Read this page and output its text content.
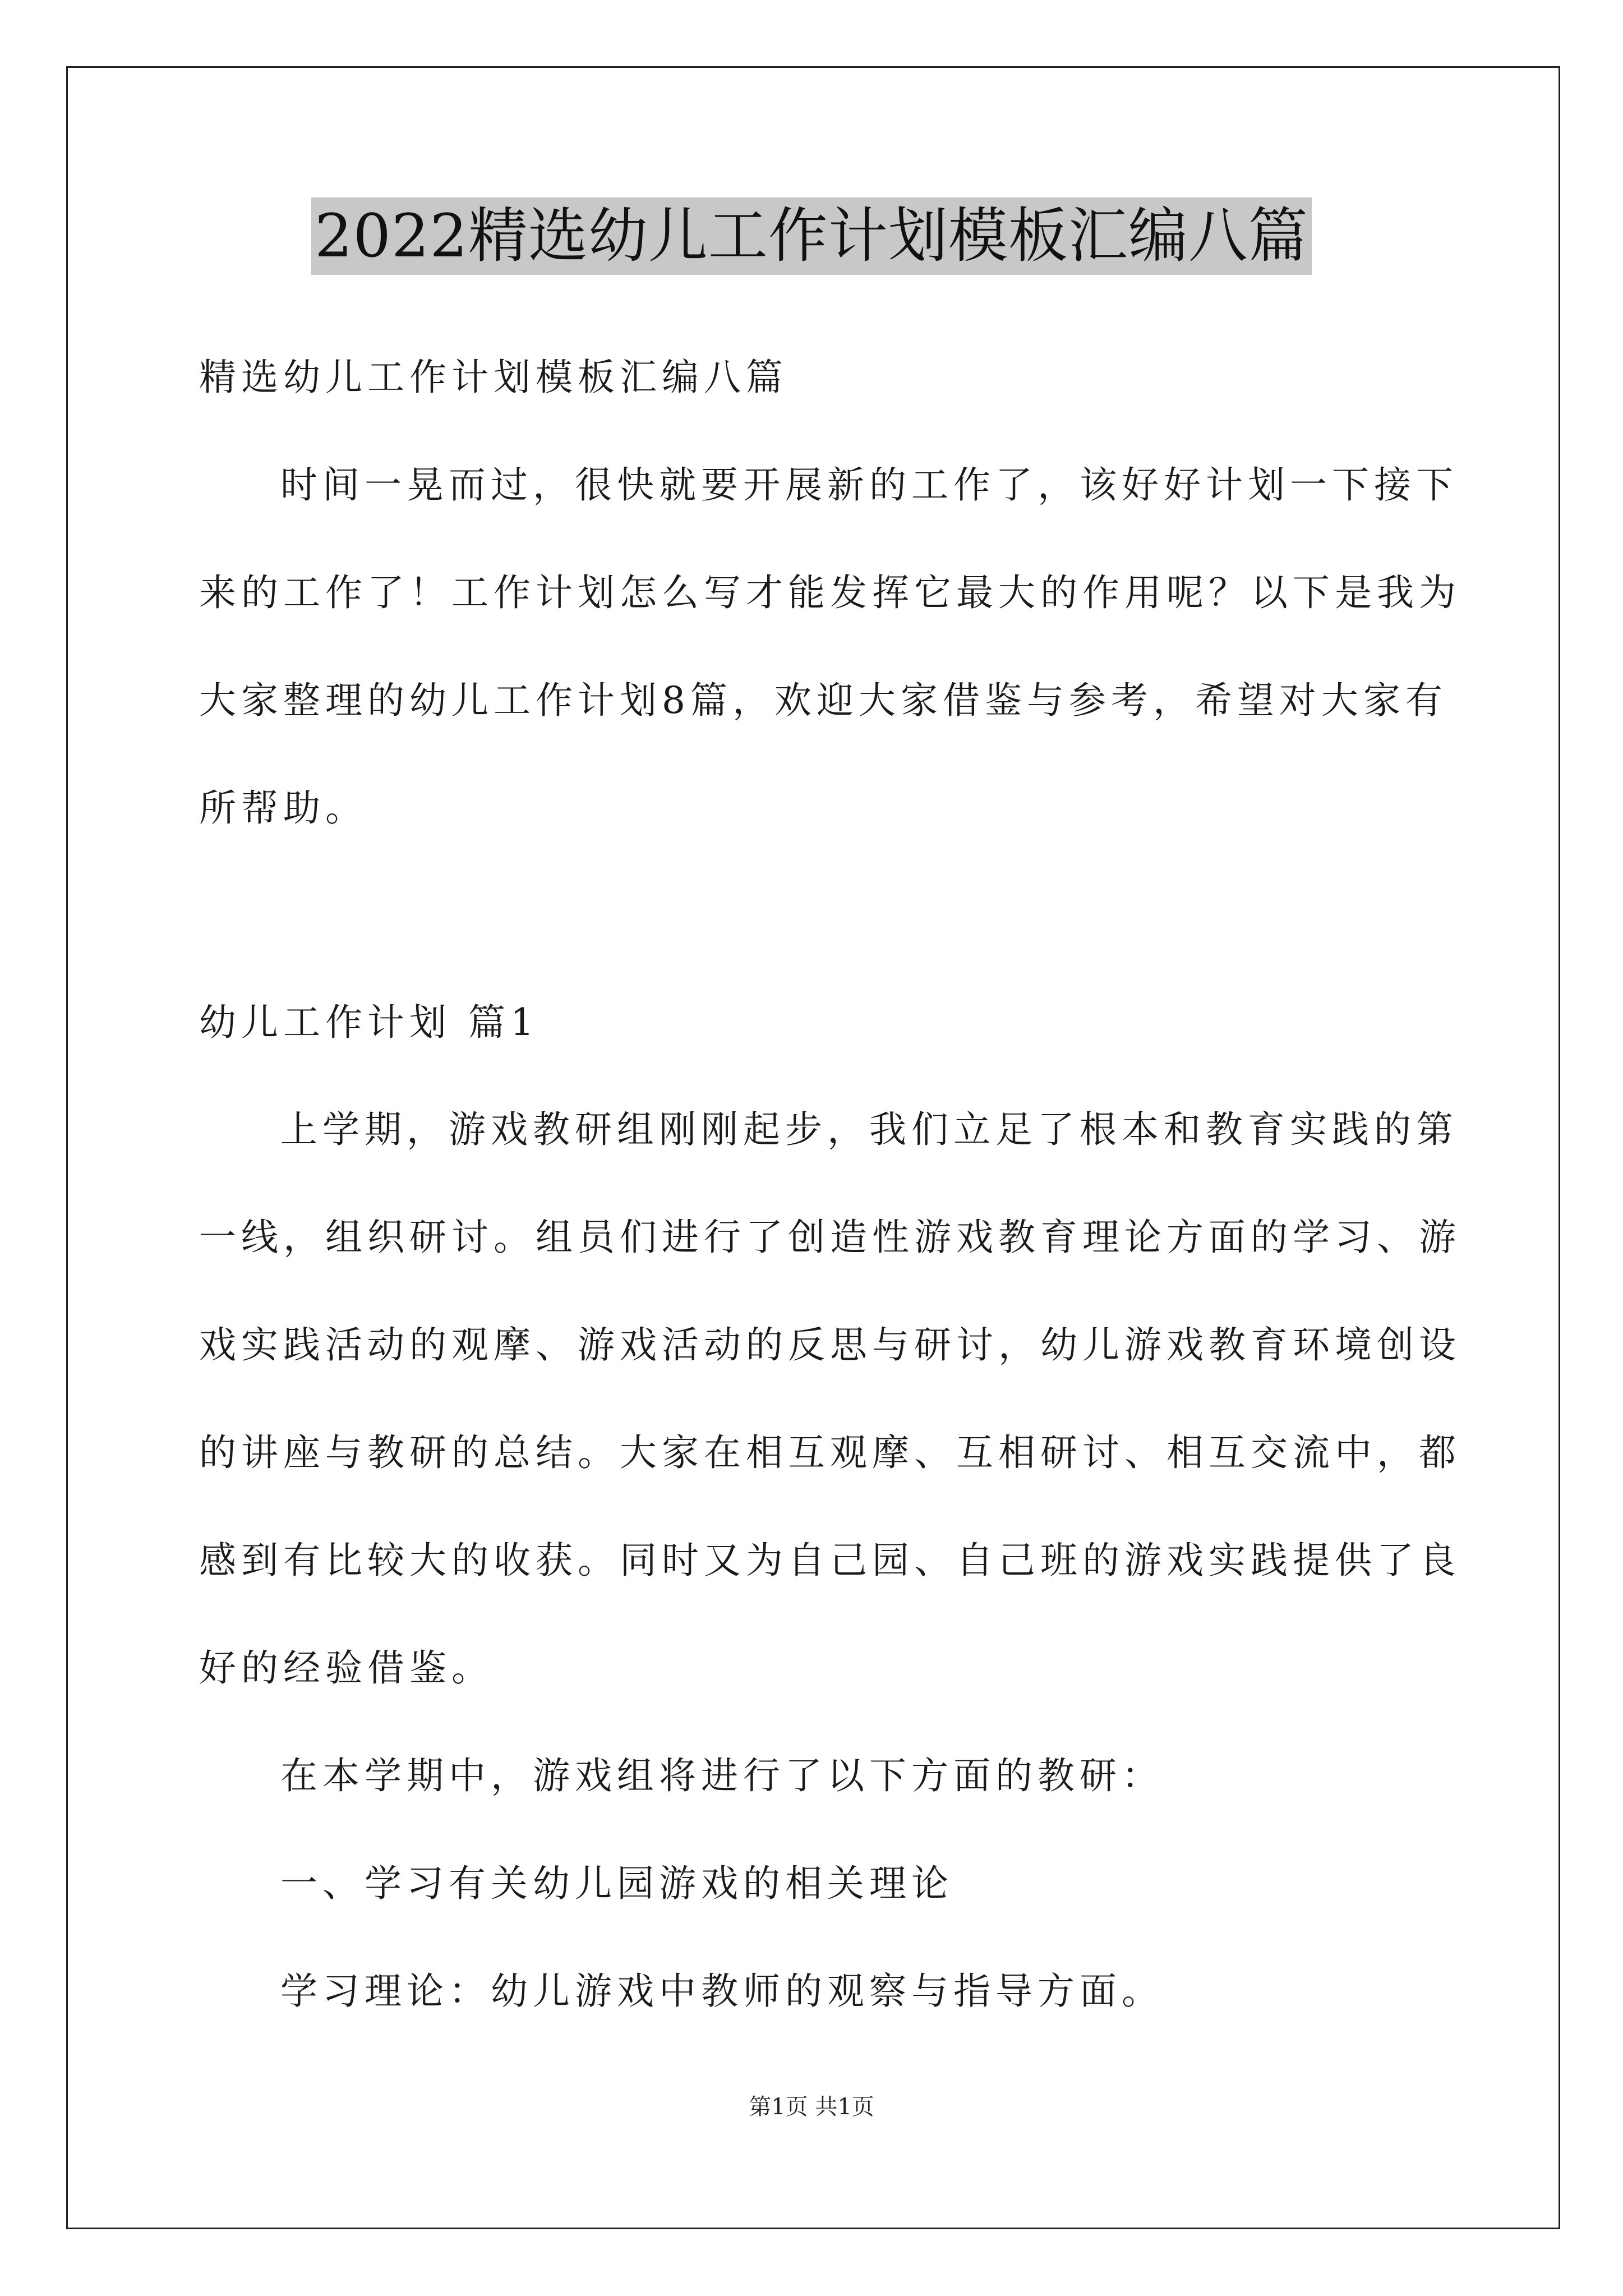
2022精选幼儿工作计划模板汇编八篇
精选幼儿工作计划模板汇编八篇
时间一晃而过，很快就要开展新的工作了，该好好计划一下接下
来的工作了！工作计划怎么写才能发挥它最大的作用呢？以下是我为
大家整理的幼儿工作计划8篇，欢迎大家借鉴与参考，希望对大家有
所帮助。
幼儿工作计划 篇1
上学期，游戏教研组刚刚起步，我们立足了根本和教育实践的第
一线，组织研讨。组员们进行了创造性游戏教育理论方面的学习、游
戏实践活动的观摩、游戏活动的反思与研讨，幼儿游戏教育环境创设
的讲座与教研的总结。大家在相互观摩、互相研讨、相互交流中，都
感到有比较大的收获。同时又为自己园、自己班的游戏实践提供了良
好的经验借鉴。
在本学期中，游戏组将进行了以下方面的教研：
一、学习有关幼儿园游戏的相关理论
学习理论：幼儿游戏中教师的观察与指导方面。
第1页 共1页
